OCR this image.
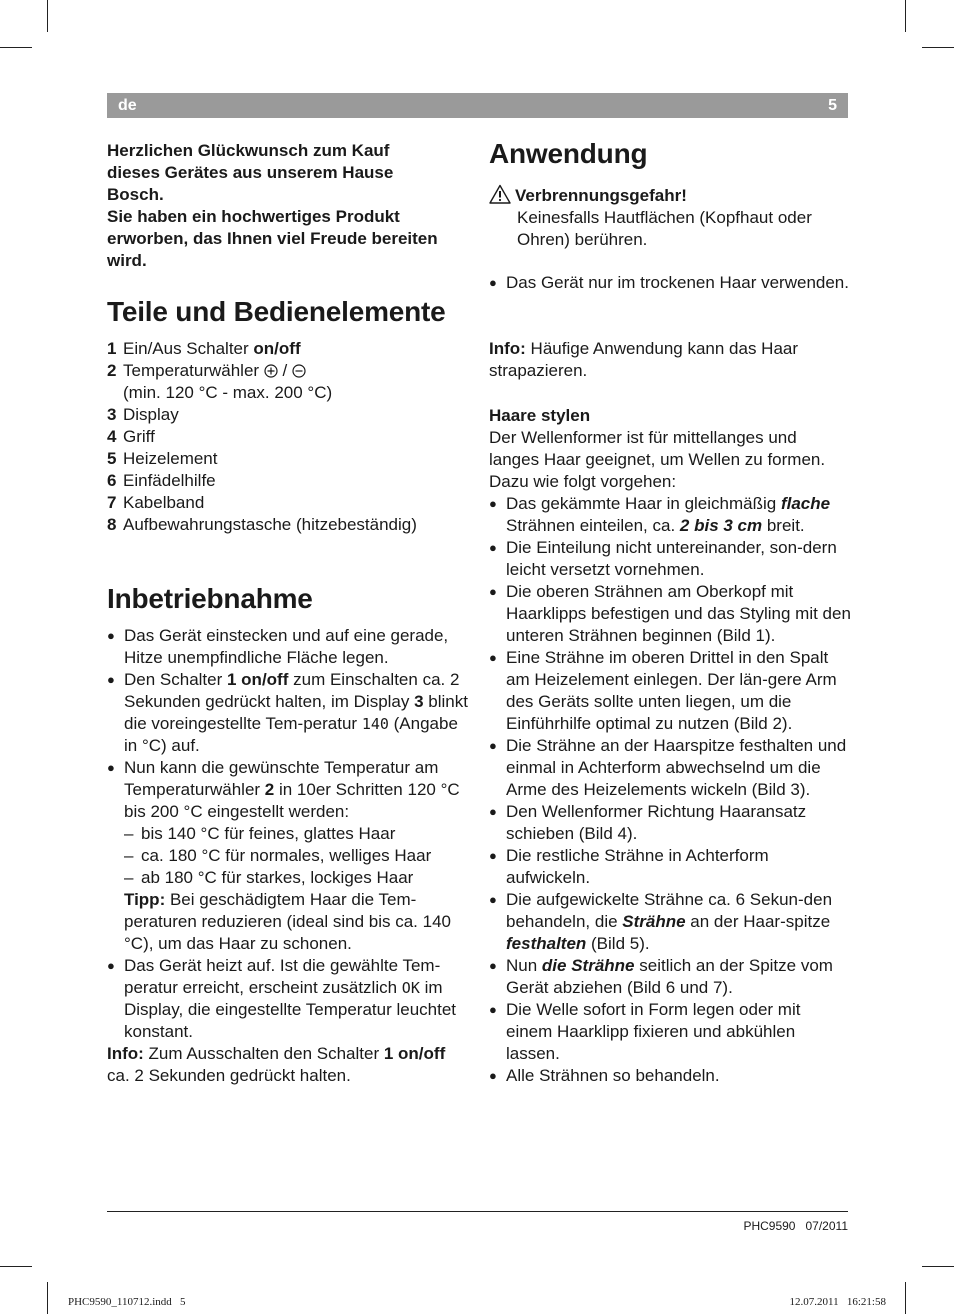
de	5
Herzlichen Glückwunsch zum Kauf
dieses Gerätes aus unserem Hause
Bosch.
Sie haben ein hochwertiges Produkt
erworben, das Ihnen viel Freude bereiten
wird.
Teile und Bedienelemente
1 Ein/Aus Schalter on/off
2 Temperaturwähler  /
(min. 120 °C - max. 200 °C)
3 Display
4 Griff
5 Heizelement
6 Einfädelhilfe
7 Kabelband
8 Aufbewahrungstasche (hitzebeständig)
Inbetriebnahme
● Das Gerät einstecken und auf eine gerade, Hitze unempfindliche Fläche legen.
● Den Schalter 1 on/off zum Einschalten ca. 2 Sekunden gedrückt halten, im Display 3 blinkt die voreingestellte Tem-peratur 140 (Angabe in °C) auf.
● Nun kann die gewünschte Temperatur am Temperaturwähler 2 in 10er Schritten 120 °C bis 200 °C eingestellt werden:
– bis 140 °C für feines, glattes Haar
– ca. 180 °C für normales, welliges Haar
– ab 180 °C für starkes, lockiges Haar
Tipp: Bei geschädigtem Haar die Tem-peraturen reduzieren (ideal sind bis ca. 140 °C), um das Haar zu schonen.
● Das Gerät heizt auf. Ist die gewählte Tem-peratur erreicht, erscheint zusätzlich OK im Display, die eingestellte Temperatur leuchtet konstant.
Info: Zum Ausschalten den Schalter 1 on/off ca. 2 Sekunden gedrückt halten.
Anwendung
Verbrennungsgefahr!
Keinesfalls Hautflächen (Kopfhaut oder Ohren) berühren.
● Das Gerät nur im trockenen Haar verwenden.
Info: Häufige Anwendung kann das Haar strapazieren.
Haare stylen
Der Wellenformer ist für mittellanges und langes Haar geeignet, um Wellen zu formen.
Dazu wie folgt vorgehen:
● Das gekämmte Haar in gleichmäßig flache Strähnen einteilen, ca. 2 bis 3 cm breit.
● Die Einteilung nicht untereinander, son-dern leicht versetzt vornehmen.
● Die oberen Strähnen am Oberkopf mit Haarklipps befestigen und das Styling mit den unteren Strähnen beginnen (Bild 1).
● Eine Strähne im oberen Drittel in den Spalt am Heizelement einlegen. Der län-gere Arm des Geräts sollte unten liegen, um die Einführhilfe optimal zu nutzen (Bild 2).
● Die Strähne an der Haarspitze festhalten und einmal in Achterform abwechselnd um die Arme des Heizelements wickeln (Bild 3).
● Den Wellenformer Richtung Haaransatz schieben (Bild 4).
● Die restliche Strähne in Achterform aufwickeln.
● Die aufgewickelte Strähne ca. 6 Sekun-den behandeln, die Strähne an der Haar-spitze festhalten (Bild 5).
● Nun die Strähne seitlich an der Spitze vom Gerät abziehen (Bild 6 und 7).
● Die Welle sofort in Form legen oder mit einem Haarklipp fixieren und abkühlen lassen.
● Alle Strähnen so behandeln.
PHC9590 07/2011
PHC9590_110712.indd   5	12.07.2011   16:21:58
